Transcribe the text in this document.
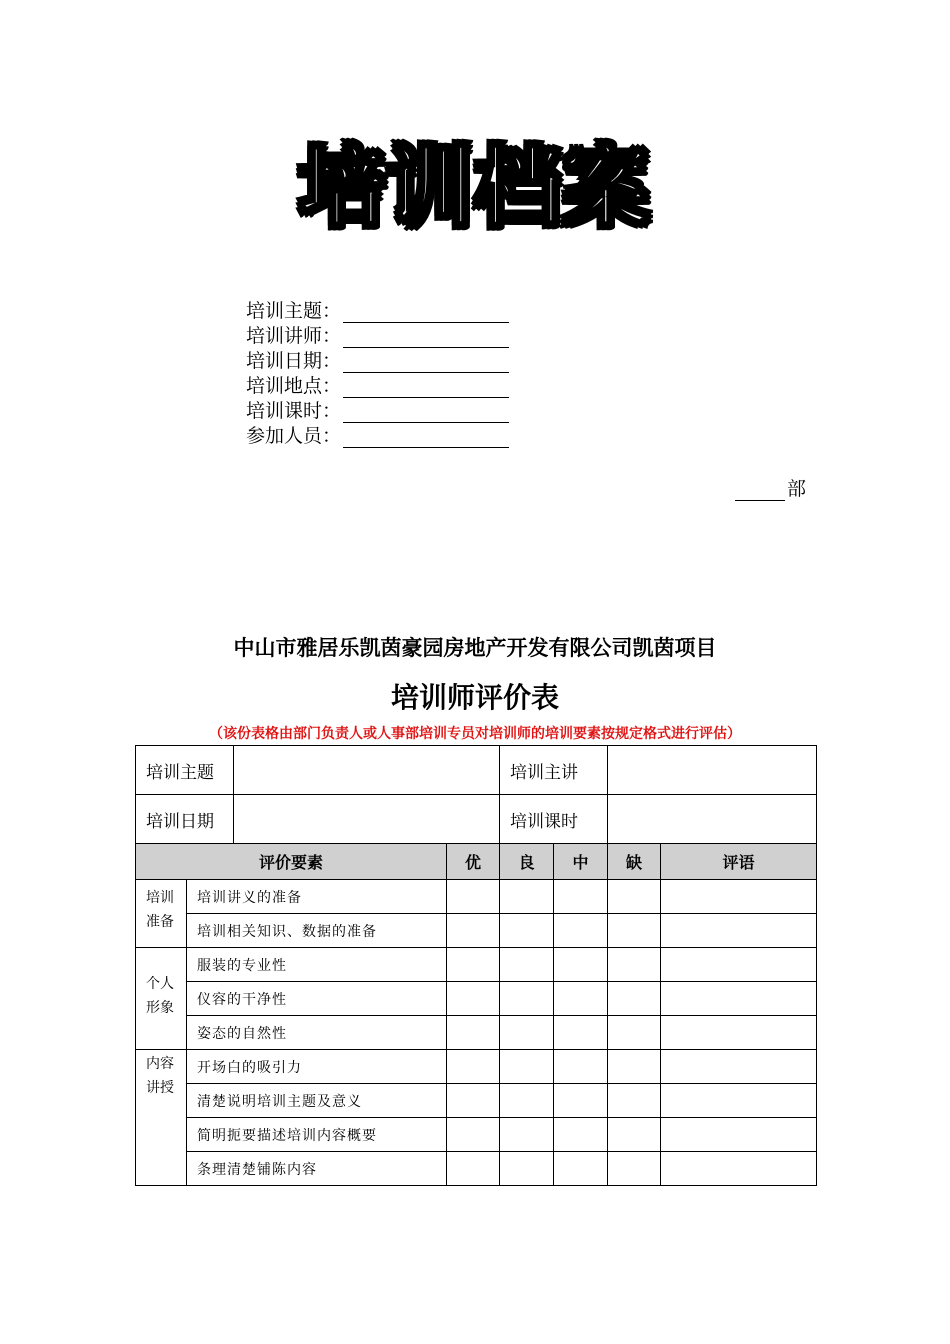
培训档案
培训主题：
培训讲师：
培训日期：
培训地点：
培训课时：
参加人员：
部
中山市雅居乐凯茵豪园房地产开发有限公司凯茵项目
培训师评价表
（该份表格由部门负责人或人事部培训专员对培训师的培训要素按规定格式进行评估）
培训主题				培训主讲			
培训日期				培训课时			
评价要素			优	良	中	缺	评语

培训准备	培训讲义的准备						
	培训相关知识、数据的准备						

个人形象	服装的专业性						
	仪容的干净性						
	姿态的自然性						

内容讲授	开场白的吸引力						
	清楚说明培训主题及意义						
	简明扼要描述培训内容概要						
	条理清楚铺陈内容						
